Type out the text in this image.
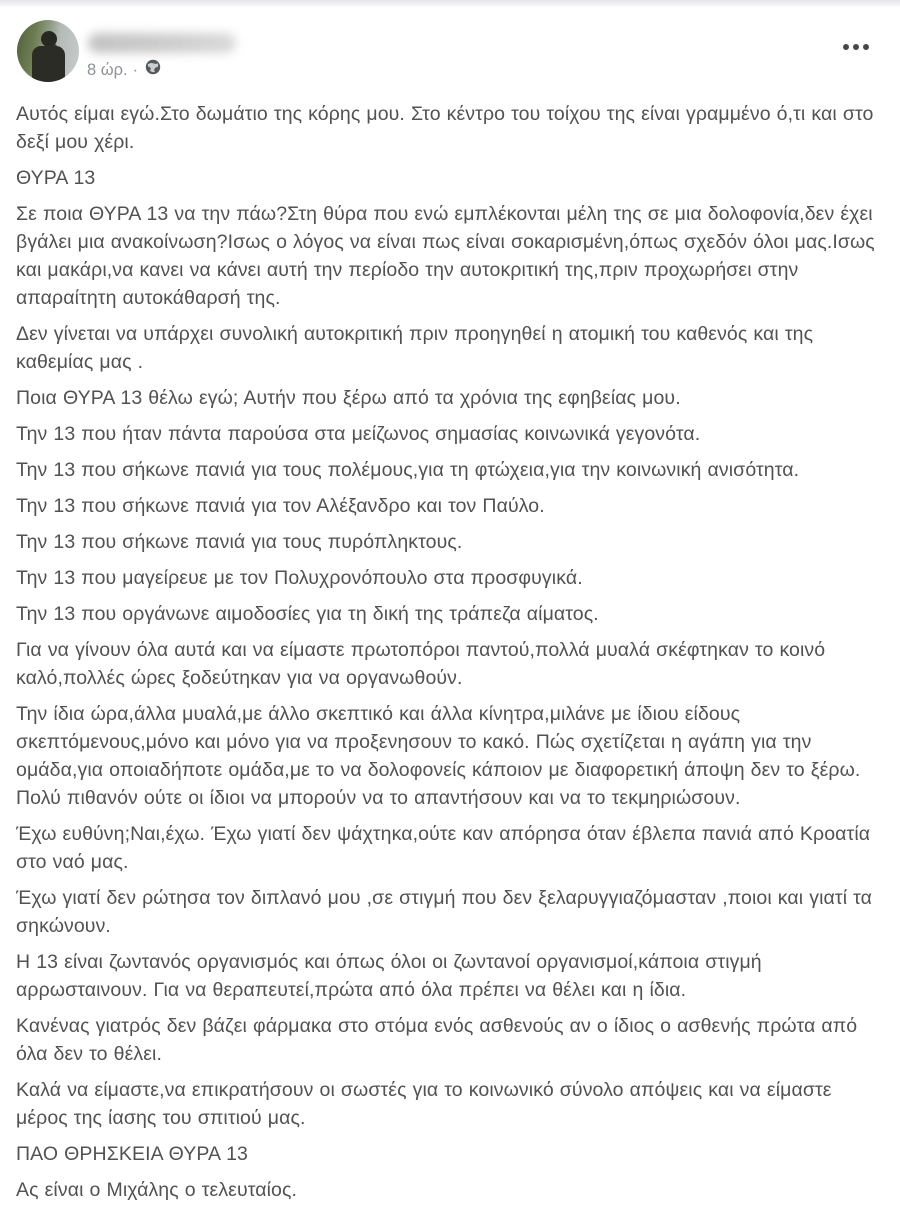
8 ώρ. ·

Αυτός είμαι εγώ.Στο δωμάτιο της κόρης μου. Στο κέντρο του τοίχου της είναι γραμμένο ό,τι και στο δεξί μου χέρι.

ΘΥΡΑ 13

Σε ποια ΘΥΡΑ 13 να την πάω?Στη θύρα που ενώ εμπλέκονται μέλη της σε μια δολοφονία,δεν έχει βγάλει μια ανακοίνωση?Ισως ο λόγος να είναι πως είναι σοκαρισμένη,όπως σχεδόν όλοι μας.Ισως και μακάρι,να κανει να κάνει αυτή την περίοδο την αυτοκριτική της,πριν προχωρήσει στην απαραίτητη αυτοκάθαρσή της.

Δεν γίνεται να υπάρχει συνολική αυτοκριτική πριν προηγηθεί η ατομική του καθενός και της καθεμίας μας .

Ποια ΘΥΡΑ 13 θέλω εγώ; Αυτήν που ξέρω από τα χρόνια της εφηβείας μου.

Την 13 που ήταν πάντα παρούσα στα μείζωνος σημασίας κοινωνικά γεγονότα.

Την 13 που σήκωνε πανιά για τους πολέμους,για τη φτώχεια,για την κοινωνική ανισότητα.

Την 13 που σήκωνε πανιά για τον Αλέξανδρο και τον Παύλο.

Την 13 που σήκωνε πανιά για τους πυρόπληκτους.

Την 13 που μαγείρευε με τον Πολυχρονόπουλο στα προσφυγικά.

Την 13 που οργάνωνε αιμοδοσίες για τη δική της τράπεζα αίματος.

Για να γίνουν όλα αυτά και να είμαστε πρωτοπόροι παντού,πολλά μυαλά σκέφτηκαν το κοινό καλό,πολλές ώρες ξοδεύτηκαν για να οργανωθούν.

Την ίδια ώρα,άλλα μυαλά,με άλλο σκεπτικό και άλλα κίνητρα,μιλάνε με ίδιου είδους σκεπτόμενους,μόνο και μόνο για να προξενησουν το κακό. Πώς σχετίζεται η αγάπη για την ομάδα,για οποιαδήποτε ομάδα,με το να δολοφονείς κάποιον με διαφορετική άποψη δεν το ξέρω. Πολύ πιθανόν ούτε οι ίδιοι να μπορούν να το απαντήσουν και να το τεκμηριώσουν.

Έχω ευθύνη;Ναι,έχω. Έχω γιατί δεν ψάχτηκα,ούτε καν απόρησα όταν έβλεπα πανιά από Κροατία στο ναό μας.

Έχω γιατί δεν ρώτησα τον διπλανό μου ,σε στιγμή που δεν ξελαρυγγιαζόμασταν ,ποιοι και γιατί τα σηκώνουν.

Η 13 είναι ζωντανός οργανισμός και όπως όλοι οι ζωντανοί οργανισμοί,κάποια στιγμή αρρωσταινουν. Για να θεραπευτεί,πρώτα από όλα πρέπει να θέλει και η ίδια.

Κανένας γιατρός δεν βάζει φάρμακα στο στόμα ενός ασθενούς αν ο ίδιος ο ασθενής πρώτα από όλα δεν το θέλει.

Καλά να είμαστε,να επικρατήσουν οι σωστές για το κοινωνικό σύνολο απόψεις και να είμαστε μέρος της ίασης του σπιτιού μας.

ΠΑΟ ΘΡΗΣΚΕΙΑ ΘΥΡΑ 13

Ας είναι ο Μιχάλης ο τελευταίος.
